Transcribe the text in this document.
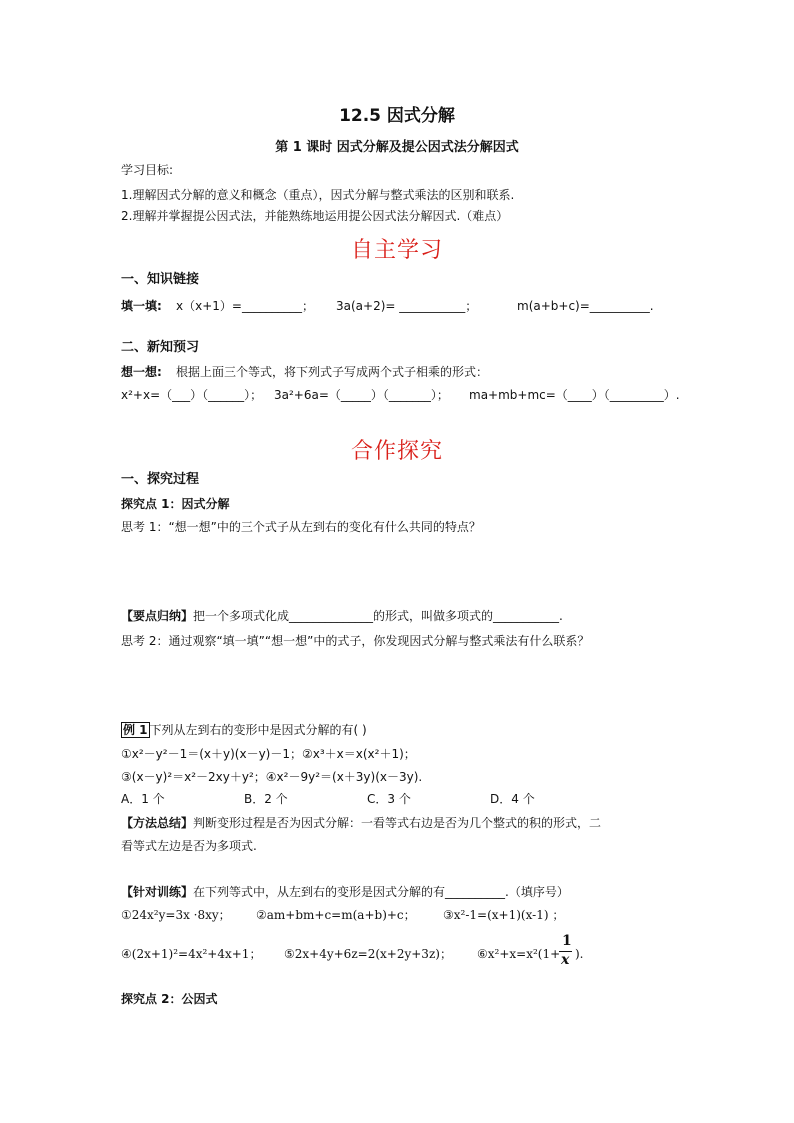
12.5 因式分解
第 1 课时 因式分解及提公因式法分解因式
学习目标:
1.理解因式分解的意义和概念（重点），因式分解与整式乘法的区别和联系.
2.理解并掌握提公因式法，并能熟练地运用提公因式法分解因式.（难点）
自主学习
一、知识链接
填一填: x（x+1）=__________； 3a(a+2)= ___________；	m(a+b+c)=__________.
二、新知预习
想一想: 根据上面三个等式，将下列式子写成两个式子相乘的形式：
x²+x=（___）（______）； 3a²+6a=（_____）（_______）； ma+mb+mc=（____）（_________）.
合作探究
一、探究过程
探究点 1：因式分解
思考 1：“想一想”中的三个式子从左到右的变化有什么共同的特点？
【要点归纳】把一个多项式化成______________的形式，叫做多项式的___________.
思考 2：通过观察“填一填”“想一想”中的式子，你发现因式分解与整式乘法有什么联系？
例 1 下列从左到右的变形中是因式分解的有( )
①x²－y²－1＝(x＋y)(x－y)－1；②x³＋x＝x(x²＋1)；
③(x－y)²＝x²－2xy＋y²；④x²－9y²＝(x＋3y)(x－3y).
A．1 个	B．2 个	C．3 个	D．4 个
【方法总结】判断变形过程是否为因式分解：一看等式右边是否为几个整式的积的形式，二
看等式左边是否为多项式.
【针对训练】在下列等式中，从左到右的变形是因式分解的有__________.（填序号）
①24x²y=3x ·8xy； ②am+bm+c=m(a+b)+c； ③x²-1=(x+1)(x-1) ；
④(2x+1)²=4x²+4x+1； ⑤2x+4y+6z=2(x+2y+3z)； ⑥x²+x=x²(1+
1
x ).
探究点 2：公因式
